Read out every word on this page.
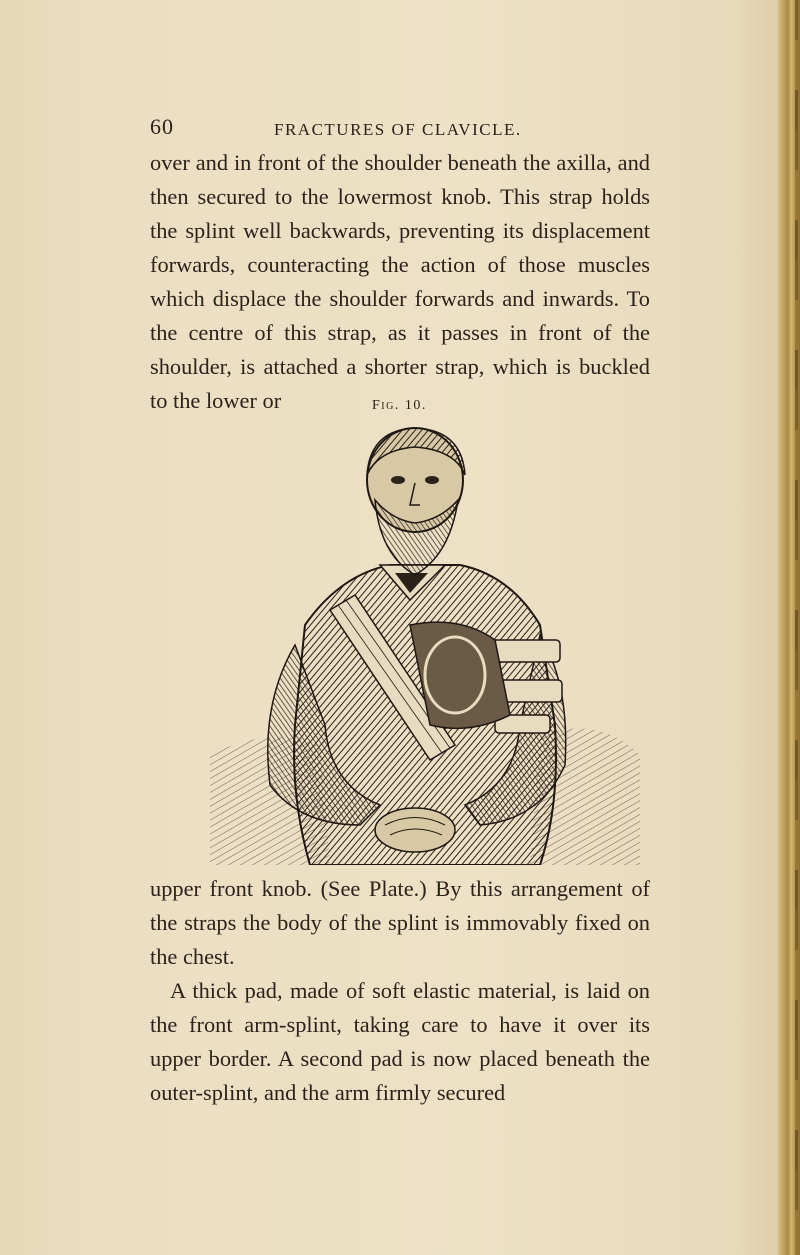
60	FRACTURES OF CLAVICLE.

over and in front of the shoulder beneath the axilla, and then secured to the lowermost knob. This strap holds the splint well backwards, preventing its displacement forwards, counteracting the action of those muscles which displace the shoulder forwards and inwards. To the centre of this strap, as it passes in front of the shoulder, is attached a shorter strap, which is buckled to the lower or	Fig. 10.

upper front knob. (See Plate.) By this arrangement of the straps the body of the splint is immovably fixed on the chest.

A thick pad, made of soft elastic material, is laid on the front arm-splint, taking care to have it over its upper border. A second pad is now placed beneath the outer-splint, and the arm firmly secured
